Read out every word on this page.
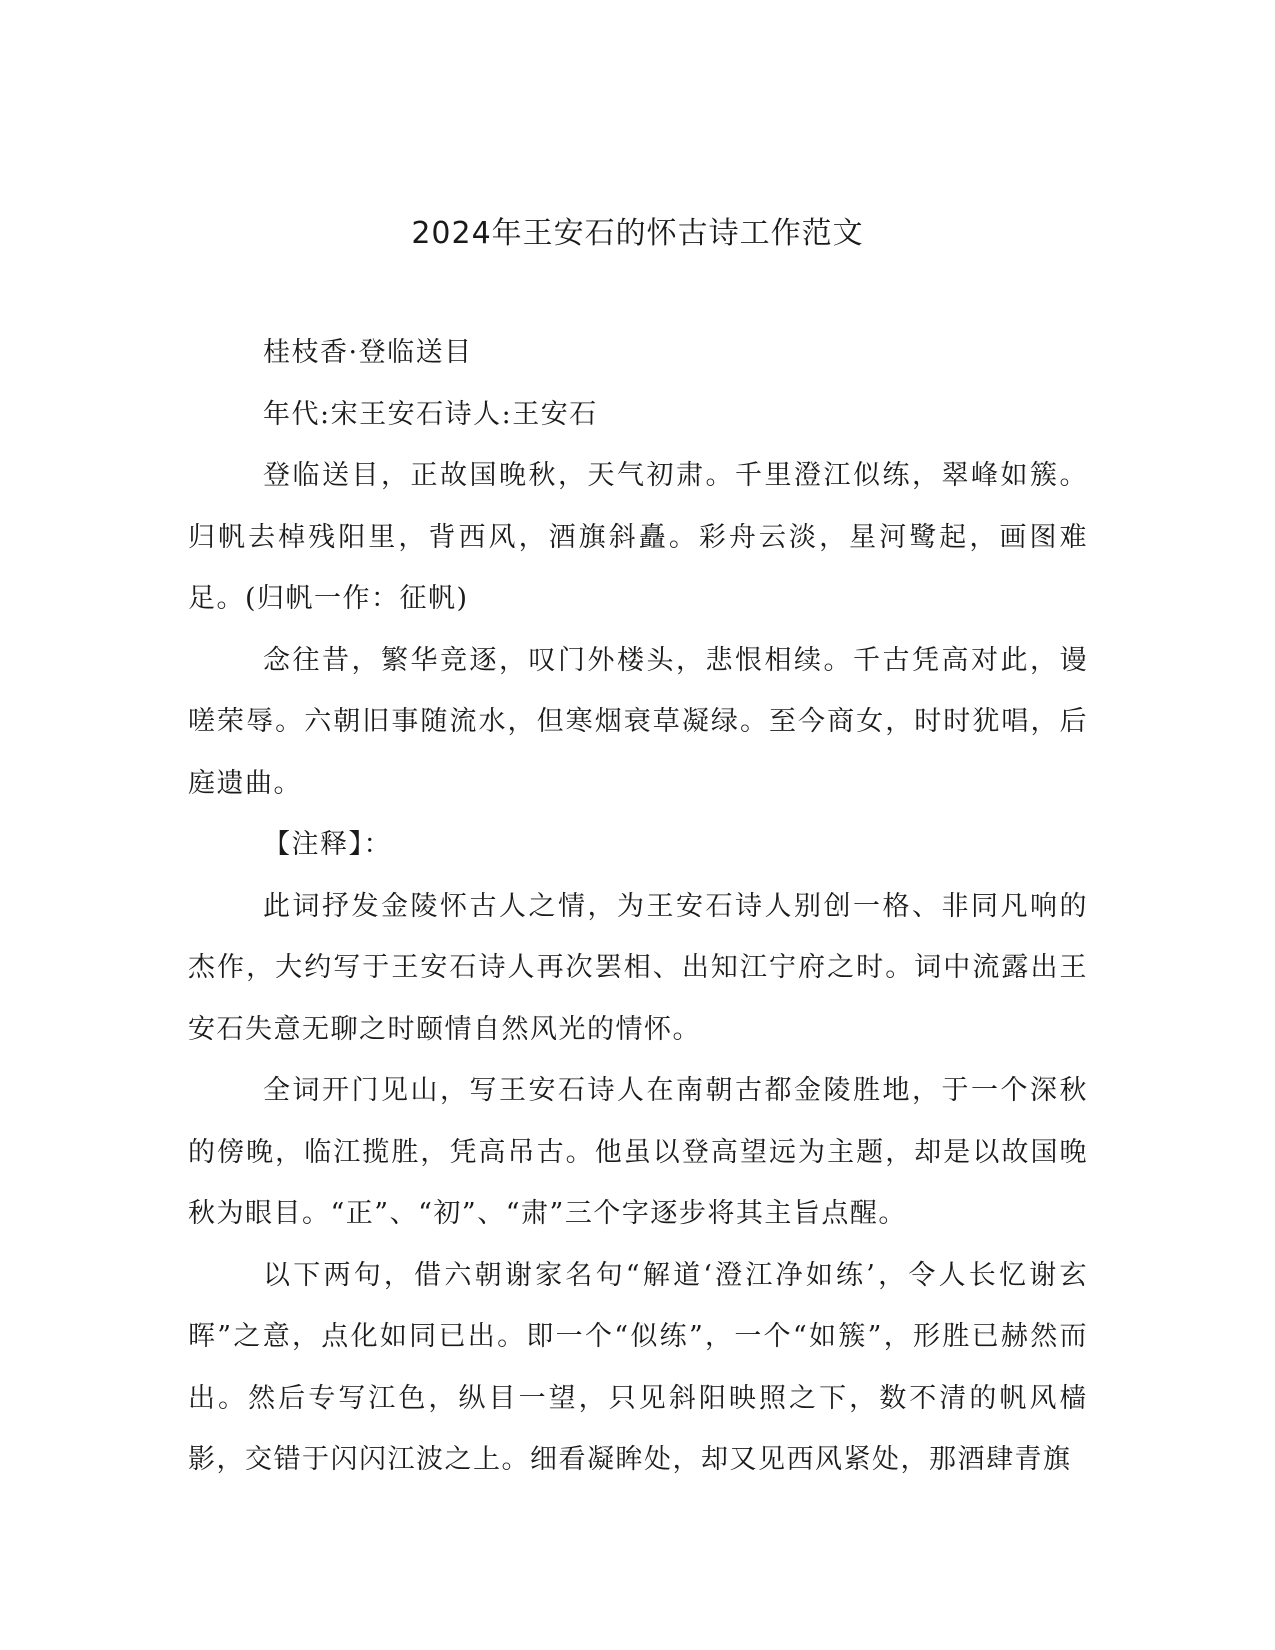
2024年王安石的怀古诗工作范文

桂枝香·登临送目

年代:宋王安石诗人:王安石

登临送目，正故国晚秋，天气初肃。千里澄江似练，翠峰如簇。归帆去棹残阳里，背西风，酒旗斜矗。彩舟云淡，星河鹭起，画图难足。(归帆一作：征帆)

念往昔，繁华竞逐，叹门外楼头，悲恨相续。千古凭高对此，谩嗟荣辱。六朝旧事随流水，但寒烟衰草凝绿。至今商女，时时犹唱，后庭遗曲。

【注释】：

此词抒发金陵怀古人之情，为王安石诗人别创一格、非同凡响的杰作，大约写于王安石诗人再次罢相、出知江宁府之时。词中流露出王安石失意无聊之时颐情自然风光的情怀。

全词开门见山，写王安石诗人在南朝古都金陵胜地，于一个深秋的傍晚，临江揽胜，凭高吊古。他虽以登高望远为主题，却是以故国晚秋为眼目。“正”、“初”、“肃”三个字逐步将其主旨点醒。

以下两句，借六朝谢家名句“解道‘澄江净如练’，令人长忆谢玄晖”之意，点化如同已出。即一个“似练”，一个“如簇”，形胜已赫然而出。然后专写江色，纵目一望，只见斜阳映照之下，数不清的帆风樯影，交错于闪闪江波之上。细看凝眸处，却又见西风紧处，那酒肆青旗
